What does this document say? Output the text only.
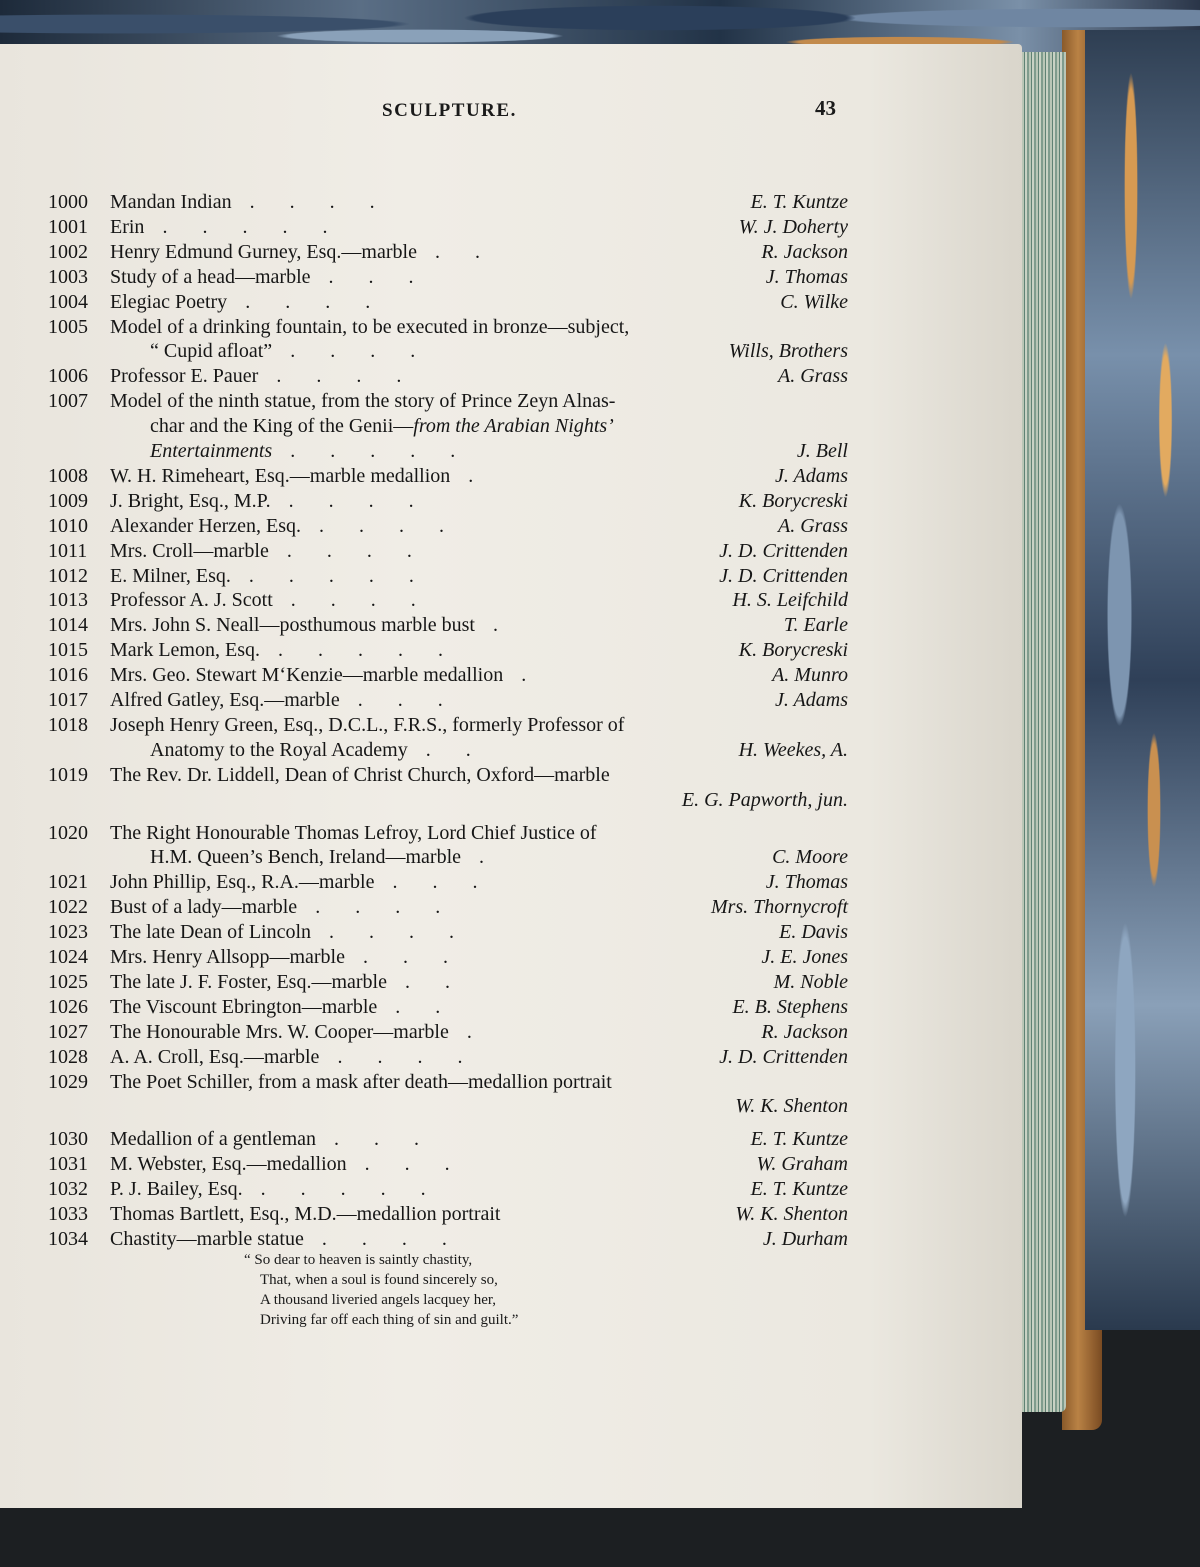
SCULPTURE.	43
1000 Mandan Indian .       .       .       .	E. T. Kuntze
1001 Erin .       .       .       .       .	W. J. Doherty
1002 Henry Edmund Gurney, Esq.—marble .       .	R. Jackson
1003 Study of a head—marble .       .       .	J. Thomas
1004 Elegiac Poetry .       .       .       .	C. Wilke
1005 Model of a drinking fountain, to be executed in bronze—subject,
“ Cupid afloat” .       .       .       .	Wills, Brothers
1006 Professor E. Pauer .       .       .       .	A. Grass
1007 Model of the ninth statue, from the story of Prince Zeyn Alnas-
char and the King of the Genii—from the Arabian Nights’
Entertainments .       .       .       .       .	J. Bell
1008 W. H. Rimeheart, Esq.—marble medallion .	J. Adams
1009 J. Bright, Esq., M.P. .       .       .       .	K. Borycreski
1010 Alexander Herzen, Esq. .       .       .       .	A. Grass
1011 Mrs. Croll—marble .       .       .       .	J. D. Crittenden
1012 E. Milner, Esq. .       .       .       .       .	J. D. Crittenden
1013 Professor A. J. Scott .       .       .       .	H. S. Leifchild
1014 Mrs. John S. Neall—posthumous marble bust .	T. Earle
1015 Mark Lemon, Esq. .       .       .       .       .	K. Borycreski
1016 Mrs. Geo. Stewart M‘Kenzie—marble medallion .	A. Munro
1017 Alfred Gatley, Esq.—marble .       .       .	J. Adams
1018 Joseph Henry Green, Esq., D.C.L., F.R.S., formerly Professor of
Anatomy to the Royal Academy .       .	H. Weekes, A.
1019 The Rev. Dr. Liddell, Dean of Christ Church, Oxford—marble
E. G. Papworth, jun.
1020 The Right Honourable Thomas Lefroy, Lord Chief Justice of
H.M. Queen’s Bench, Ireland—marble .	C. Moore
1021 John Phillip, Esq., R.A.—marble .       .       .	J. Thomas
1022 Bust of a lady—marble .       .       .       .	Mrs. Thornycroft
1023 The late Dean of Lincoln .       .       .       .	E. Davis
1024 Mrs. Henry Allsopp—marble .       .       .	J. E. Jones
1025 The late J. F. Foster, Esq.—marble .       .	M. Noble
1026 The Viscount Ebrington—marble .       .	E. B. Stephens
1027 The Honourable Mrs. W. Cooper—marble .	R. Jackson
1028 A. A. Croll, Esq.—marble .       .       .       .	J. D. Crittenden
1029 The Poet Schiller, from a mask after death—medallion portrait
W. K. Shenton
1030 Medallion of a gentleman .       .       .	E. T. Kuntze
1031 M. Webster, Esq.—medallion .       .       .	W. Graham
1032 P. J. Bailey, Esq. .       .       .       .       .	E. T. Kuntze
1033 Thomas Bartlett, Esq., M.D.—medallion portrait	W. K. Shenton
1034 Chastity—marble statue .       .       .       .	J. Durham
“ So dear to heaven is saintly chastity,
That, when a soul is found sincerely so,
A thousand liveried angels lacquey her,
Driving far off each thing of sin and guilt.”
